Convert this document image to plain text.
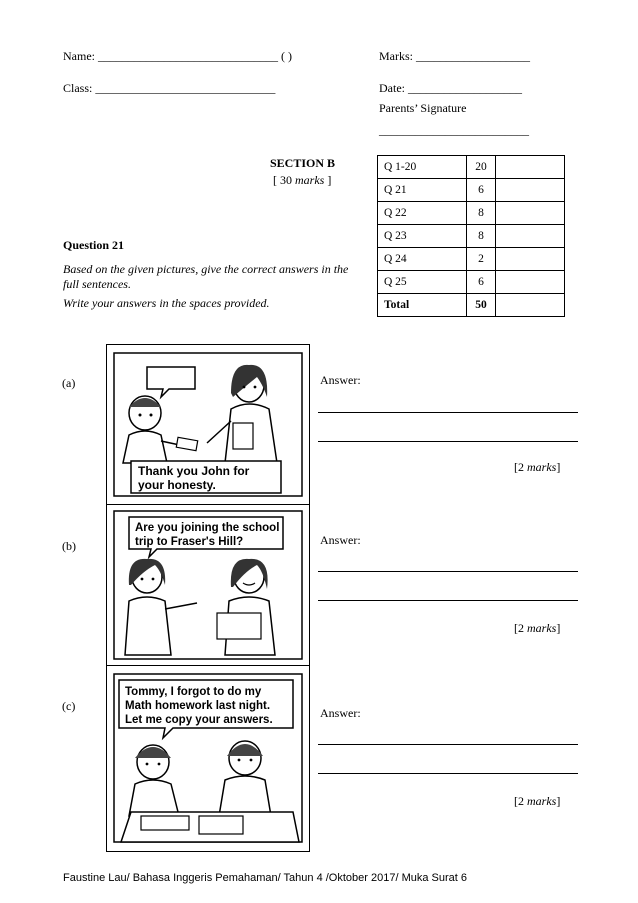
Name: ______________________________ ( )	Marks: ___________________
Class: ______________________________	Date: ___________________
Parents’ Signature
_________________________
SECTION B
[ 30 marks ]
Q 1-20	20	
Q 21	6	
Q 22	8	
Q 23	8	
Q 24	2	
Q 25	6	
Total	50	
Question 21
Based on the given pictures, give the correct answers in the
full sentences.
Write your answers in the spaces provided.
(a)
Thank you John for
your honesty.
Answer:
[2 marks]
(b)
Are you joining the school
trip to Fraser's Hill?	Answer:
[2 marks]
(c)
Tommy, I forgot to do my
Math homework last night.
Let me copy your answers.	Answer:
[2 marks]
Faustine Lau/ Bahasa Inggeris Pemahaman/ Tahun 4 /Oktober 2017/ Muka Surat 6
